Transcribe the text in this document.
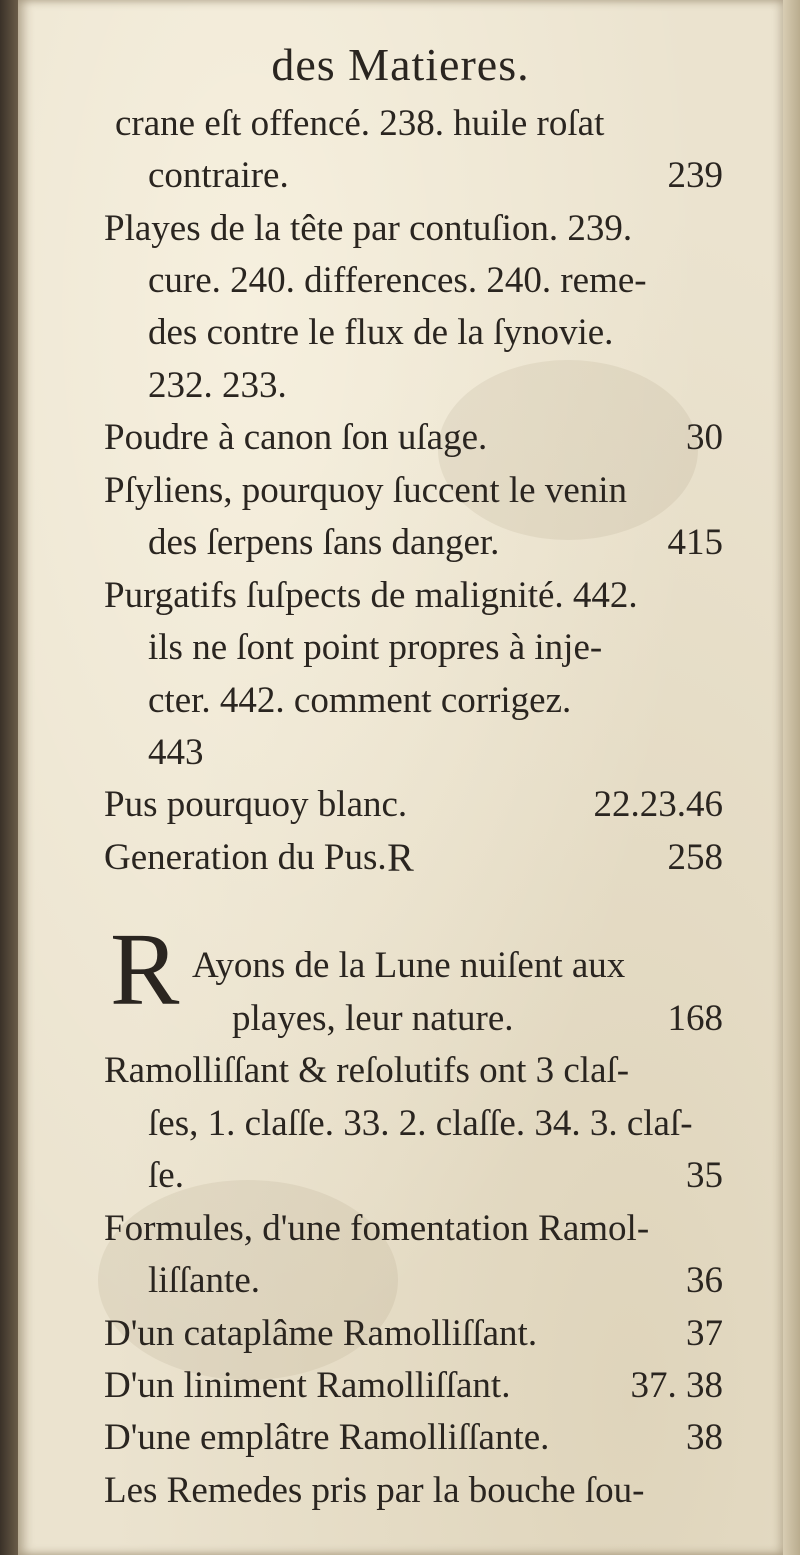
des Matieres.
crane eſt offencé. 238. huile roſat
contraire.	239
Playes de la tête par contuſion. 239.
cure. 240. differences. 240. reme-
des contre le flux de la ſynovie.
232. 233.
Poudre à canon ſon uſage.	30
Pſyliens, pourquoy ſuccent le venin
des ſerpens ſans danger.	415
Purgatifs ſuſpects de malignité. 442.
ils ne ſont point propres à inje-
cter. 442. comment corrigez.
443
Pus pourquoy blanc.	22.23.46
Generation du Pus.	258
Ayons de la Lune nuiſent aux
playes, leur nature.	168
Ramolliſſant & reſolutifs ont 3 claſ-
ſes, 1. claſſe. 33. 2. claſſe. 34. 3. claſ-
ſe.	35
Formules, d'une fomentation Ramol-
liſſante.	36
D'un cataplâme Ramolliſſant.	37
D'un liniment Ramolliſſant.	37. 38
D'une emplâtre Ramolliſſante.	38
Les Remedes pris par la bouche ſou-
R
R
